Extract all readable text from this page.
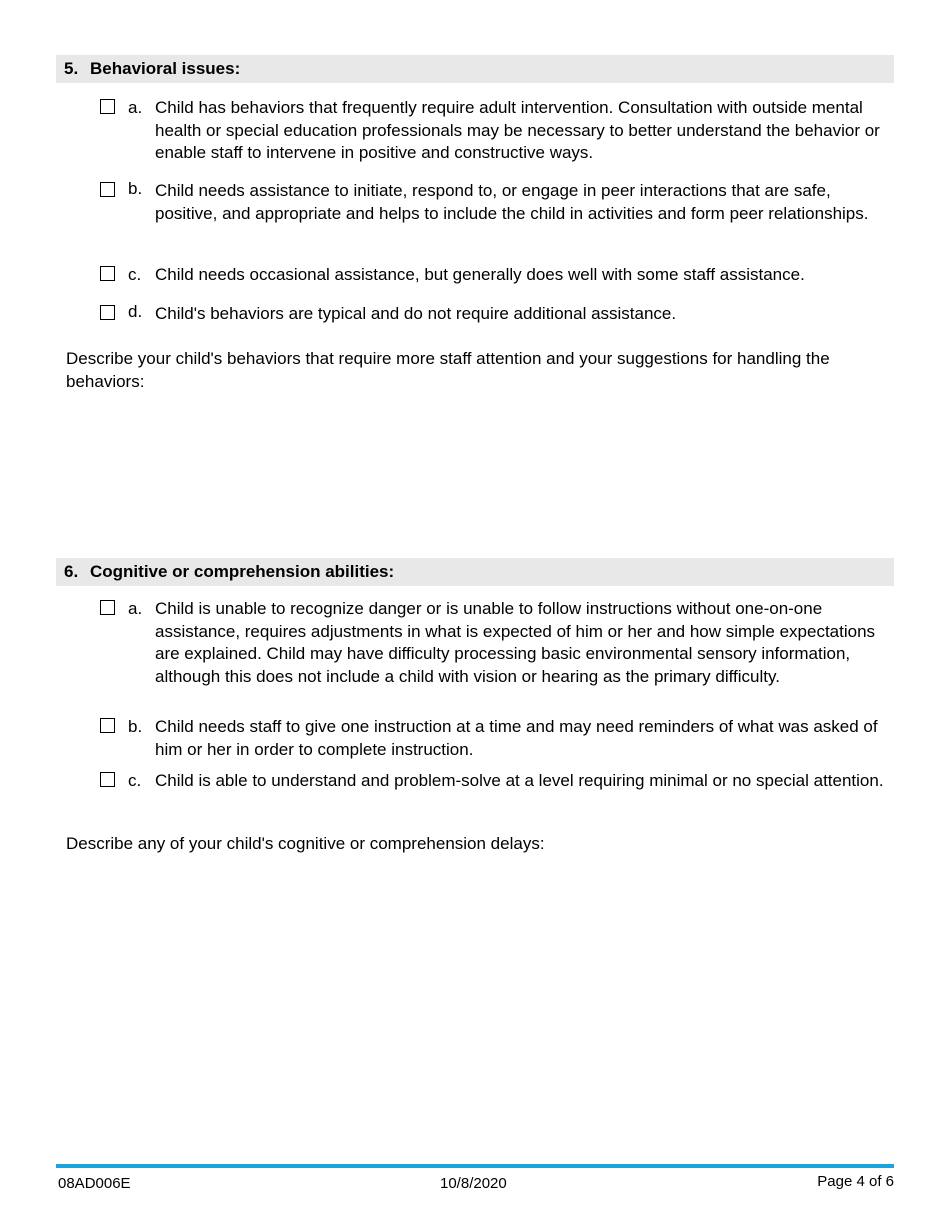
5. Behavioral issues:
a. Child has behaviors that frequently require adult intervention. Consultation with outside mental health or special education professionals may be necessary to better understand the behavior or enable staff to intervene in positive and constructive ways.
b. Child needs assistance to initiate, respond to, or engage in peer interactions that are safe, positive, and appropriate and helps to include the child in activities and form peer relationships.
c. Child needs occasional assistance, but generally does well with some staff assistance.
d. Child's behaviors are typical and do not require additional assistance.
Describe your child's behaviors that require more staff attention and your suggestions for handling the behaviors:
6. Cognitive or comprehension abilities:
a. Child is unable to recognize danger or is unable to follow instructions without one-on-one assistance, requires adjustments in what is expected of him or her and how simple expectations are explained. Child may have difficulty processing basic environmental sensory information, although this does not include a child with vision or hearing as the primary difficulty.
b. Child needs staff to give one instruction at a time and may need reminders of what was asked of him or her in order to complete instruction.
c. Child is able to understand and problem-solve at a level requiring minimal or no special attention.
Describe any of your child's cognitive or comprehension delays:
08AD006E	10/8/2020	Page 4 of 6
